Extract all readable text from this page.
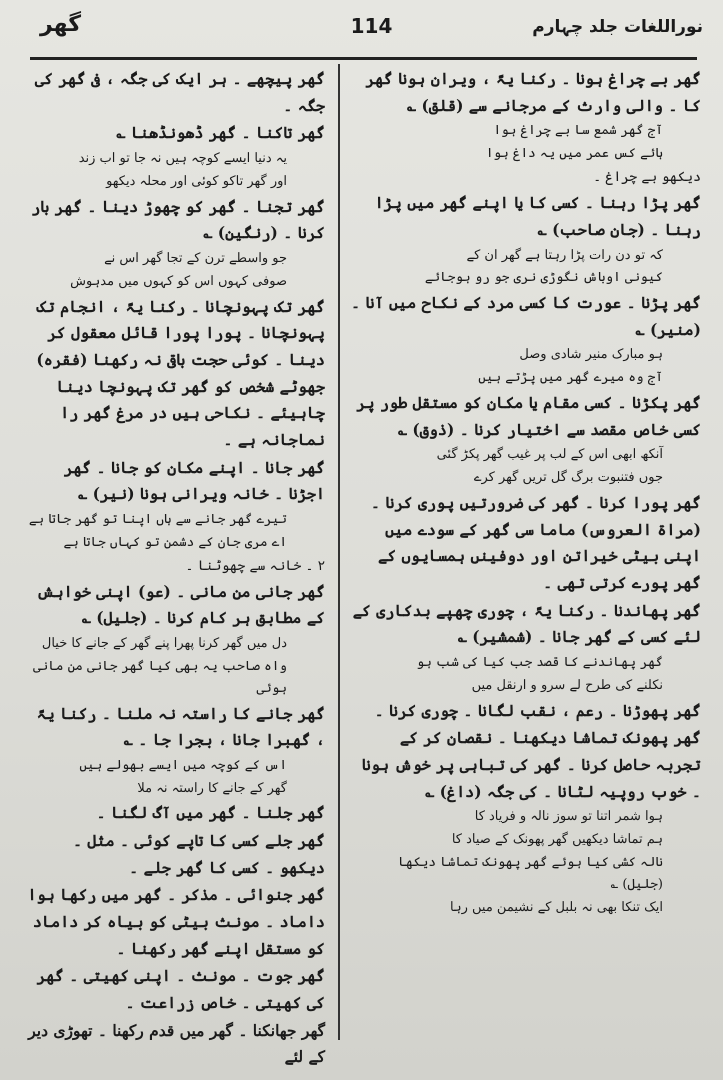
نوراللغات جلد چہارم
114
گھر

گھر بے چراغ ہونا ۔ رکنا یۃً ، ویران ہونا گھر کا ۔ والی وارث کے مرجانے سے (قلق) ؎

آج گھر شمع سا بے چراغ ہوا

ہائے کس عمر میں یہ داغ ہوا

دیکھو بے چراغ ۔

گھر پڑا رہنا ۔ کسی کا یا اپنے گھر میں پڑا رہنا ۔ (جان صاحب) ؎

کہ تو دن رات پڑا رہتا ہے گھر ان کے

کیونی اوباش نگوڑی نری جو رو ہوجائے

گھر پڑنا ۔ عورت کا کسی مرد کے نکاح میں آنا ۔ (منیر) ؎

ہو مبارک منیر شادی وصل

آج وہ میرے گھر میں پڑتے ہیں

گھر پکڑنا ۔ کسی مقام یا مکان کو مستقل طور پر کسی خاص مقصد سے اختیار کرنا ۔ (ذوق) ؎

آنکھ ابھی اس کے لب پر غیب گھر پکڑ گئی

جوں فتنبوت برگ گل تریں گھر کرے

گھر پورا کرنا ۔ گھر کی ضرورتیں پوری کرنا ۔ (مراۃ العروس) ماما سی گھر کے سودے میں اپنی بیٹی خیراتن اور دوفینں ہمسایوں کے گھر پورے کرتی تھی ۔

گھر پھاندنا ۔ رکنا یۃً ، چوری چھپے بدکاری کے لئے کسی کے گھر جانا ۔ (شمشیر) ؎

گھر پھاندنے کا قصد جب کیا کی شب ہو

نکلنے کی طرح لے سرو و ارنقل میں

گھر پھوڑنا ۔ رعم ، نقب لگانا ۔ چوری کرنا ۔

گھر پھونک تماشا دیکھنا ۔ نقصان کر کے تجربہ حاصل کرنا ۔ گھر کی تباہی پر خوش ہونا ۔ خوب روپیہ لٹانا ۔ کی جگہ (داغ) ؎

ہوا شمر اتنا تو سوز نالہ و فریاد کا

ہم تماشا دیکھیں گھر پھونک کے صیاد کا

نالہ کشی کیا ہوئے گھر پھونک تماشا دیکھا (جلیل) ؎

ایک تنکا بھی نہ بلبل کے نشیمن میں رہا

گھر پیچھے ۔ ہر ایک کی جگہ ، فی گھر کی جگہ ۔

گھر تاکنا ۔ گھر ڈھونڈھنا ؎

یہ دنیا ایسے کوچہ ہیں نہ جا تو اب زند

اور گھر تاکو کوئی اور محلہ دیکھو

گھر تجنا ۔ گھر کو چھوڑ دینا ۔ گھر بار کرنا ۔ (رنگین) ؎

جو واسطے ترن کے تجا گھر اس نے

صوفی کہوں اس کو کہوں میں مدہوش

گھر تک پہونچانا ۔ رکنا یۃً ، انجام تک پہونچانا ۔ پورا پورا قائل معقول کر دینا ۔ کوئی حجت باقی نہ رکھنا (فقرہ) جھوٹے شخص کو گھر تک پہونچا دینا چاہیئے ۔ نکاحی ہیں در مرغ گھر را نماجانہ ہے ۔

گھر جانا ۔ اپنے مکان کو جانا ۔ گھر اجڑنا ۔ خانہ ویرانی ہونا (نیر) ؎

تیرے گھر جانے سے ہاں اپنا تو گھر جاتا ہے

اے مری جان کے دشمن تو کہاں جاتا ہے

۲ ۔ خانہ سے چھوٹنا ۔

گھر جانی من مانی ۔ (عو) اپنی خواہش کے مطابق ہر کام کرنا ۔ (جلیل) ؎

دل میں گھر کرنا پھرا پنے گھر کے جانے کا خیال

واہ صاحب یہ بھی کیا گھر جانی من مانی ہوئی

گھر جانے کا راستہ نہ ملنا ۔ رکنا یۃً ، گھبرا جانا ، بجرا جا ۔ ؎

اس کے کوچہ میں ایسے بھولے ہیں

گھر کے جانے کا راستہ نہ ملا

گھر جلنا ۔ گھر میں آگ لگنا ۔

گھر جلے کسی کا تاپے کوئی ۔ مثل ۔ دیکھو ۔ کسی کا گھر جلے ۔

گھر جنوائی ۔ مذکر ۔ گھر میں رکھا ہوا داماد ۔ مونث بیٹی کو بیاہ کر داماد کو مستقل اپنے گھر رکھنا ۔

گھر جوت ۔ مونث ۔ اپنی کھیتی ۔ گھر کی کھیتی ۔ خاص زراعت ۔

گھر جھانکنا ۔ گھر میں قدم رکھنا ۔ تھوڑی دیر کے لئے
